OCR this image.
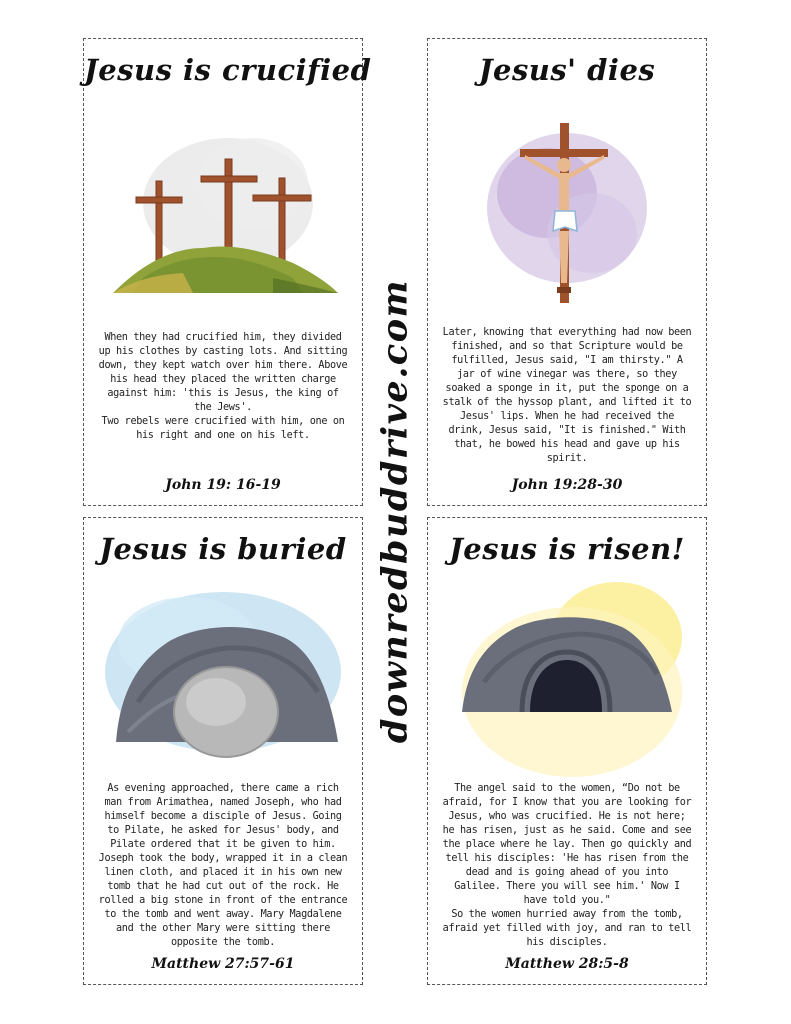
Jesus is crucified
When they had crucified him, they divided up his clothes by casting lots. And sitting down, they kept watch over him there. Above his head they placed the written charge against him: 'this is Jesus, the king of the Jews'.
Two rebels were crucified with him, one on his right and one on his left.
John 19: 16-19
Jesus' dies
Later, knowing that everything had now been finished, and so that Scripture would be fulfilled, Jesus said, "I am thirsty." A jar of wine vinegar was there, so they soaked a sponge in it, put the sponge on a stalk of the hyssop plant, and lifted it to Jesus' lips. When he had received the drink, Jesus said, "It is finished." With that, he bowed his head and gave up his spirit.
John 19:28-30
Jesus is buried
As evening approached, there came a rich man from Arimathea, named Joseph, who had himself become a disciple of Jesus. Going to Pilate, he asked for Jesus' body, and Pilate ordered that it be given to him. Joseph took the body, wrapped it in a clean linen cloth, and placed it in his own new tomb that he had cut out of the rock. He rolled a big stone in front of the entrance to the tomb and went away. Mary Magdalene and the other Mary were sitting there opposite the tomb.
Matthew 27:57-61
Jesus is risen!
The angel said to the women, “Do not be afraid, for I know that you are looking for Jesus, who was crucified. He is not here; he has risen, just as he said. Come and see the place where he lay. Then go quickly and tell his disciples: 'He has risen from the dead and is going ahead of you into Galilee. There you will see him.' Now I have told you."
So the women hurried away from the tomb, afraid yet filled with joy, and ran to tell his disciples.
Matthew 28:5-8
downredbuddrive.com
